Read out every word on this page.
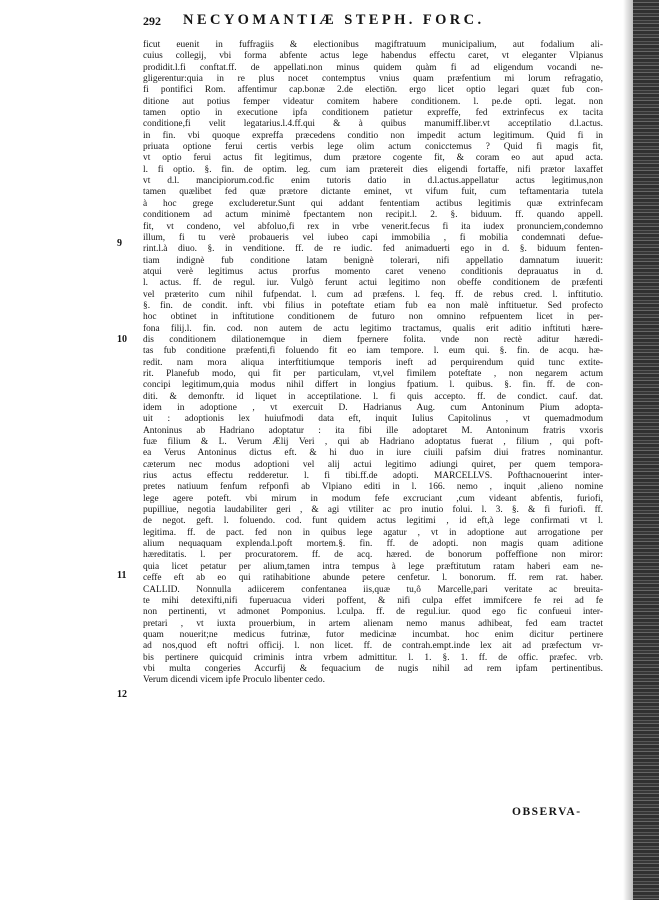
292 NECYOMANTIÆ STEPH. FORC.
9
10
11
12
ficut euenit in fuffragiis & electionibus magiftratuum municipalium, aut fodalium ali-
cuius collegij, vbi forma abfente actus lege habendus effectu caret, vt eleganter Vlpianus
prodidit.l.fi conftat.ff. de appellati.non minus quidem quàm fi ad eligendum vocandi ne-
gligerentur:quia in re plus nocet contemptus vnius quam præfentium mi lorum refragatio,
fi pontifici Rom. affentimur cap.bonæ 2.de electiōn. ergo licet optio legari quæt fub con-
ditione aut potius femper videatur comitem habere conditionem. l. pe.de opti. legat. non
tamen optio in executione ipfa conditionem patietur expreffe, fed extrinfecus ex tacita
conditione,fi velit legatarius.l.4.ff.qui & à quibus manumiff.liber.vt acceptilatio d.l.actus.
in fin. vbi quoque expreffa præcedens conditio non impedit actum legitimum. Quid fi in
priuata optione ferui certis verbis lege olim actum conicctemus ? Quid fi magis fit,
vt optio ferui actus fit legitimus, dum prætore cogente fit, & coram eo aut apud acta.
l. fi optio. §. fin. de optim. leg. cum iam prætereit dies eligendi fortaffe, nifi prætor laxaffet
vt d.l. mancipiorum.cod.fic enim tutoris datio in d.l.actus.appellatur actus legitimus,non
tamen quælibet fed quæ prætore dictante eminet, vt vifum fuit, cum teftamentaria tutela
à hoc grege excluderetur.Sunt qui addant fententiam actibus legitimis quæ extrinfecam
conditionem ad actum minimè fpectantem non recipit.l. 2. §. biduum. ff. quando appell.
fit, vt condeno, vel abfoluo,fi rex in vrbe venerit.fecus fi ita iudex pronunciem,condemno
illum, fi tu verè probaueris vel iubeo capi immobilia , fi mobilia condemnati defue-
rint.l.à diuo. §. in venditione. ff. de re iudic. fed animaduerti ego in d. §. biduum fenten-
tiam indignè fub conditione latam benignè tolerari, nifi appellatio damnatum iuuerit:
atqui verè legitimus actus prorfus momento caret veneno conditionis deprauatus in d.
l. actus. ff. de regul. iur. Vulgò ferunt actui legitimo non obeffe conditionem de præfenti
vel præterito cum nihil fufpendat. l. cum ad præfens. l. feq. ff. de rebus cred. l. inftitutio.
§. fin. de condit. inft. vbi filius in poteftate etiam fub ea non malè inftituetur. Sed profecto
hoc obtinet in inftitutione conditionem de futuro non omnino refpuentem licet in per-
fona filij.l. fin. cod. non autem de actu legitimo tractamus, qualis erit aditio inftituti hære-
dis conditionem dilationemque in diem fpernere folita. vnde non rectè aditur hæredi-
tas fub conditione præfenti,fi foluendo fit eo iam tempore. l. eum qui. §. fin. de acqu. hæ-
redit. nam mora aliqua interftitiumque temporis ineft ad perquirendum quid tunc extite-
rit. Planefub modo, qui fit per particulam, vt,vel fimilem poteftate , non negarem actum
concipi legitimum,quia modus nihil differt in longius fpatium. l. quibus. §. fin. ff. de con-
diti. & demonftr. id liquet in acceptilatione. l. fi quis accepto. ff. de condict. cauf. dat.
idem in adoptione , vt exercuit D. Hadrianus Aug. cum Antoninum Pium adopta-
uit : adoptionis lex huiufmodi data eft, inquit Iulius Capitolinus , vt quemadmodum
Antoninus ab Hadriano adoptatur : ita fibi ille adoptaret M. Antoninum fratris vxoris
fuæ filium & L. Verum Ælij Veri , qui ab Hadriano adoptatus fuerat , filium , qui poft-
ea Verus Antoninus dictus eft. & hi duo in iure ciuili pafsim diui fratres nominantur.
cæterum nec modus adoptioni vel alij actui legitimo adiungi quiret, per quem tempora-
rius actus effectu redderetur. l. fi tibi.ff.de adopti. MARCELLVS. Pofthacnouerint inter-
pretes natiuum fenfum refponfi ab Vlpiano editi in l. 166. nemo , inquit ,alieno nomine
lege agere poteft. vbi mirum in modum fefe excruciant ,cum videant abfentis, furiofi,
pupilliue, negotia laudabiliter geri , & agi vtiliter ac pro inutio folui. l. 3. §. & fi furiofi. ff.
de negot. geft. l. foluendo. cod. funt quidem actus legitimi , id eft,à lege confirmati vt l.
legitima. ff. de pact. fed non in quibus lege agatur , vt in adoptione aut arrogatione per
alium nequaquam explenda.l.poft mortem.§. fin. ff. de adopti. non magis quam aditione
hæreditatis. l. per procuratorem. ff. de acq. hæred. de bonorum poffeffione non miror:
quia licet petatur per alium,tamen intra tempus à lege præftitutum ratam haberi eam ne-
ceffe eft ab eo qui ratihabitione abunde petere cenfetur. l. bonorum. ff. rem rat. haber.
CALLID. Nonnulla adiicerem confentanea iis,quæ tu,ô Marcelle,pari veritate ac breuita-
te mihi detexifti,nifi fuperuacua videri poffent, & nifi culpa effet immifcere fe rei ad fe
non pertinenti, vt admonet Pomponius. l.culpa. ff. de regul.iur. quod ego fic confueui inter-
pretari , vt iuxta prouerbium, in artem alienam nemo manus adhibeat, fed eam tractet
quam nouerit;ne medicus futrinæ, futor medicinæ incumbat. hoc enim dicitur pertinere
ad nos,quod eft noftri officij. l. non licet. ff. de contrah.empt.inde lex ait ad præfectum vr-
bis pertinere quicquid criminis intra vrbem admittitur. l. 1. §. 1. ff. de offic. præfec. vrb.
vbi multa congeries Accurfij & fequacium de nugis nihil ad rem ipfam pertinentibus.
Verum dicendi vicem ipfe Proculo libenter cedo.
OBSERVA-
